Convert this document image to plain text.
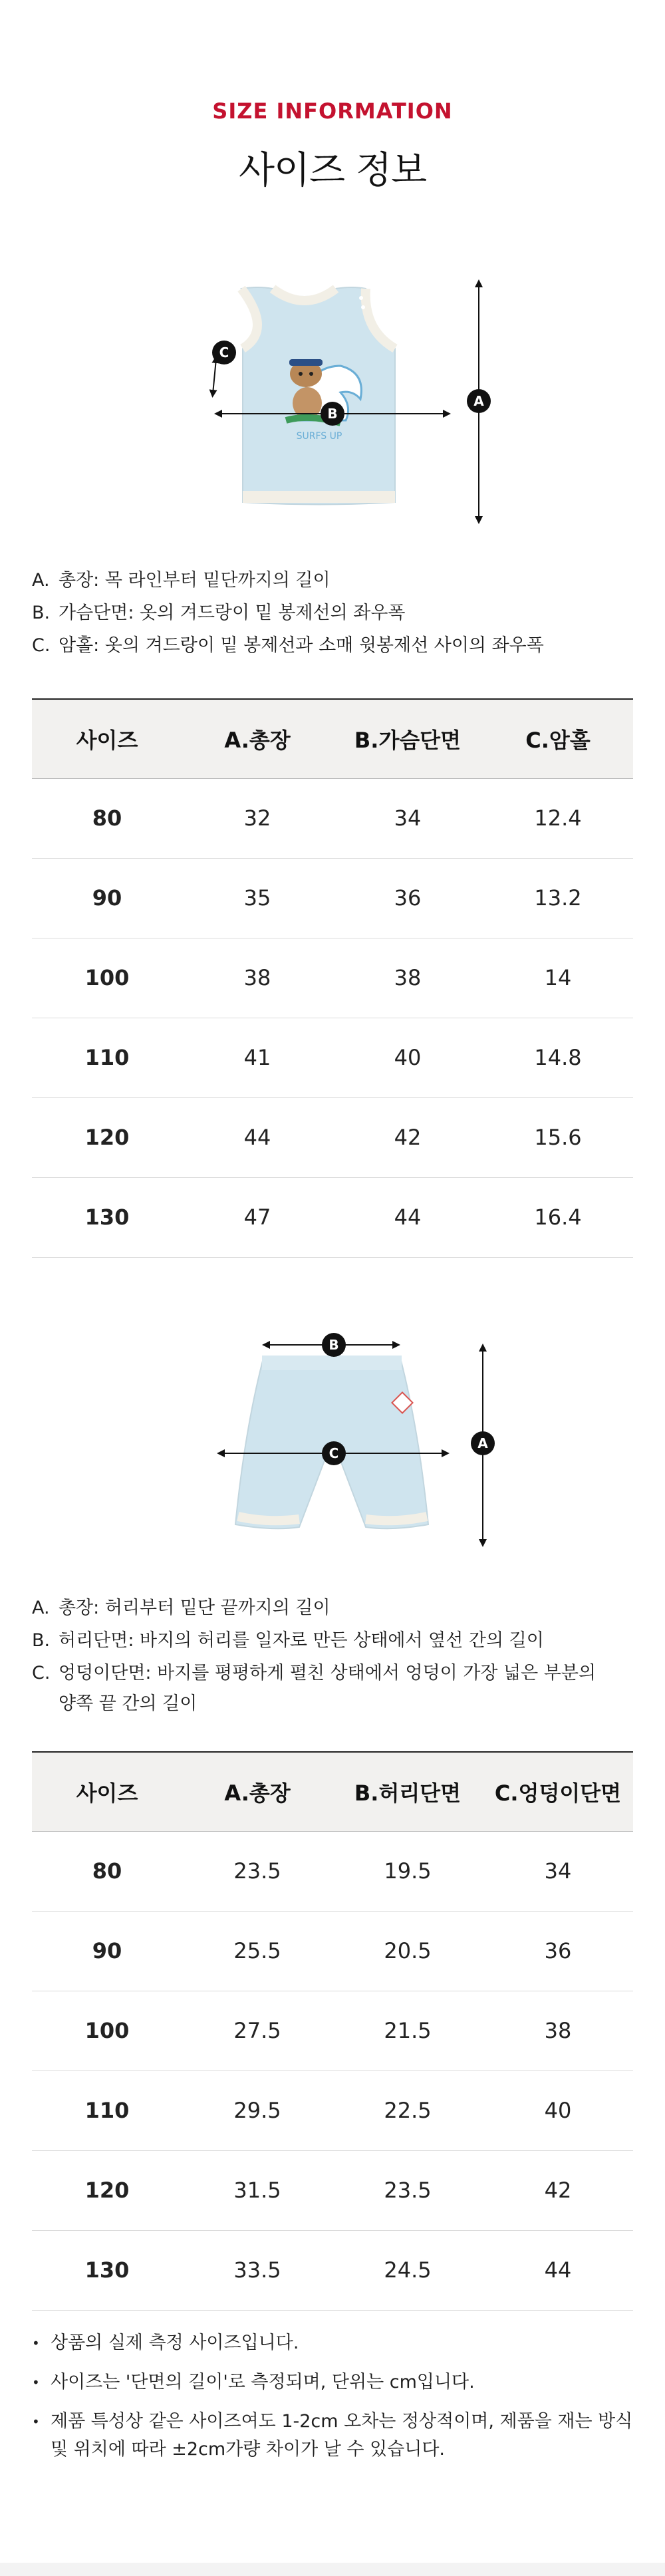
SIZE INFORMATION
사이즈 정보
SURFS UP
C
B
A
A. 총장: 목 라인부터 밑단까지의 길이
B. 가슴단면: 옷의 겨드랑이 밑 봉제선의 좌우폭
C. 암홀: 옷의 겨드랑이 밑 봉제선과 소매 윗봉제선 사이의 좌우폭
사이즈	A.총장	B.가슴단면	C.암홀
80	32	34	12.4
90	35	36	13.2
100	38	38	14
110	41	40	14.8
120	44	42	15.6
130	47	44	16.4
B
C
A
A. 총장: 허리부터 밑단 끝까지의 길이
B. 허리단면: 바지의 허리를 일자로 만든 상태에서 옆선 간의 길이
C. 엉덩이단면: 바지를 평평하게 펼친 상태에서 엉덩이 가장 넓은 부분의
양쪽 끝 간의 길이
사이즈	A.총장	B.허리단면	C.엉덩이단면
80	23.5	19.5	34
90	25.5	20.5	36
100	27.5	21.5	38
110	29.5	22.5	40
120	31.5	23.5	42
130	33.5	24.5	44
• 상품의 실제 측정 사이즈입니다.
• 사이즈는 '단면의 길이'로 측정되며, 단위는 cm입니다.
• 제품 특성상 같은 사이즈여도 1-2cm 오차는 정상적이며, 제품을 재는 방식
및 위치에 따라 ±2cm가량 차이가 날 수 있습니다.
